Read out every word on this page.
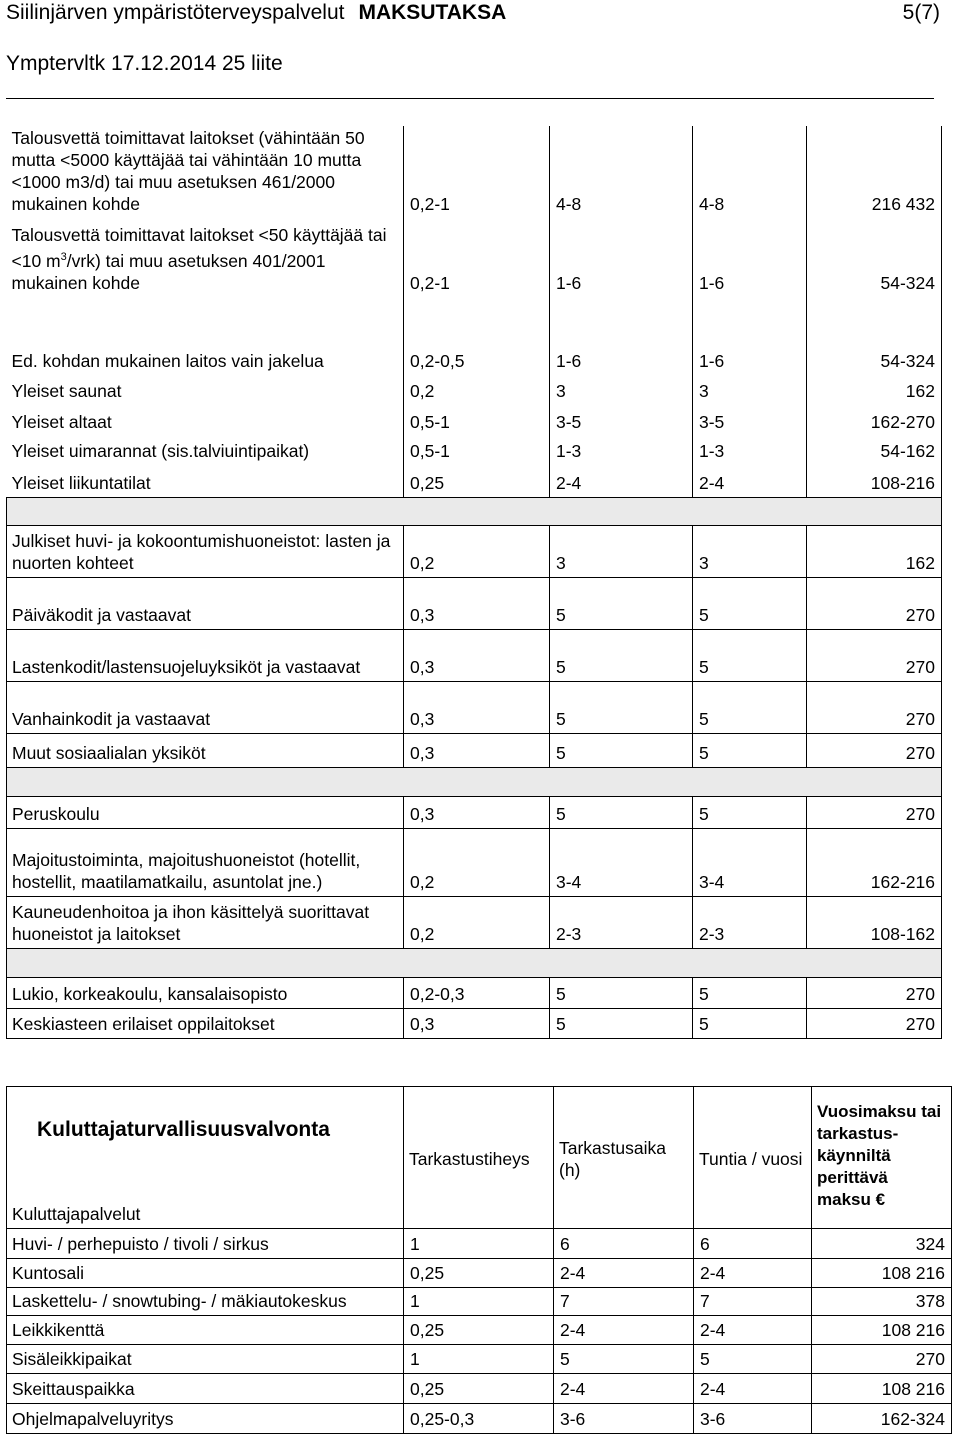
Siilinjärven ympäristöterveyspalvelut MAKSUTAKSA	5(7)
Ymptervltk 17.12.2014 25 liite
Talousvettä toimittavat laitokset (vähintään 50 mutta <5000 käyttäjää tai vähintään 10 mutta <1000 m3/d) tai muu asetuksen 461/2000 mukainen kohde	0,2-1	4-8	4-8	216 432
Talousvettä toimittavat laitokset <50 käyttäjää tai <10 $m^3/vrk$) tai muu asetuksen 401/2001 mukainen kohde	0,2-1	1-6	1-6	54-324
Ed. kohdan mukainen laitos vain jakelua	0,2-0,5	1-6	1-6	54-324
Yleiset saunat	0,2	3	3	162
Yleiset altaat	0,5-1	3-5	3-5	162-270
Yleiset uimarannat (sis.talviuintipaikat)	0,5-1	1-3	1-3	54-162
Yleiset liikuntatilat	0,25	2-4	2-4	108-216

Julkiset huvi- ja kokoontumishuoneistot: lasten ja nuorten kohteet	0,2	3	3	162
Päiväkodit ja vastaavat	0,3	5	5	270
Lastenkodit/lastensuojeluyksiköt ja vastaavat	0,3	5	5	270
Vanhainkodit ja vastaavat	0,3	5	5	270
Muut sosiaalialan yksiköt	0,3	5	5	270

Peruskoulu	0,3	5	5	270
Majoitustoiminta, majoitushuoneistot (hotellit, hostellit, maatilamatkailu, asuntolat jne.)	0,2	3-4	3-4	162-216
Kauneudenhoitoa ja ihon käsittelyä suorittavat huoneistot ja laitokset	0,2	2-3	2-3	108-162

Lukio, korkeakoulu, kansalaisopisto	0,2-0,3	5	5	270
Keskiasteen erilaiset oppilaitokset	0,3	5	5	270
Kuluttajaturvallisuusvalvonta	Tarkastustiheys	Tarkastusaika (h)	Tuntia / vuosi	Vuosimaksu tai tarkastus-käynniltä perittävä maksu €
Kuluttajapalvelut				
Huvi- / perhepuisto / tivoli / sirkus	1	6	6	324
Kuntosali	0,25	2-4	2-4	108 216
Laskettelu- / snowtubing- / mäkiautokeskus	1	7	7	378
Leikkikenttä	0,25	2-4	2-4	108 216
Sisäleikkipaikat	1	5	5	270
Skeittauspaikka	0,25	2-4	2-4	108 216
Ohjelmapalveluyritys	0,25-0,3	3-6	3-6	162-324
